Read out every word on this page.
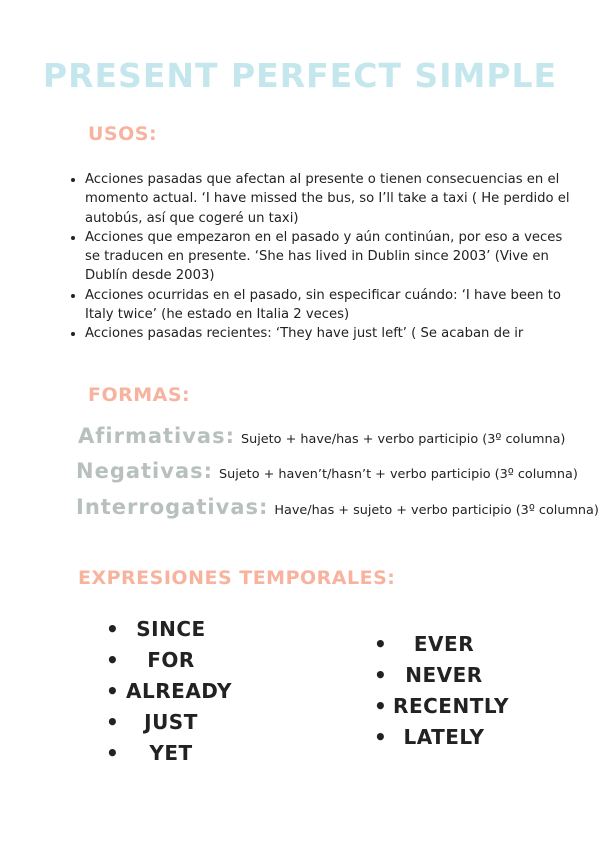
PRESENT PERFECT SIMPLE
USOS:
• Acciones pasadas que afectan al presente o tienen consecuencias en el momento actual. ‘I have missed the bus, so I’ll take a taxi ( He perdido el autobús, así que cogeré un taxi)
• Acciones que empezaron en el pasado y aún continúan, por eso a veces se traducen en presente. ‘She has lived in Dublin since 2003’ (Vive en Dublín desde 2003)
• Acciones ocurridas en el pasado, sin especificar cuándo: ‘I have been to Italy twice’ (he estado en Italia 2 veces)
• Acciones pasadas recientes: ‘They have just left’ ( Se acaban de ir
FORMAS:
Afirmativas: Sujeto + have/has + verbo participio (3º columna)
Negativas: Sujeto + haven’t/hasn’t + verbo participio (3º columna)
Interrogativas: Have/has + sujeto + verbo participio (3º columna)
EXPRESIONES TEMPORALES:
• SINCE
• FOR
• ALREADY
• JUST
• YET
• EVER
• NEVER
• RECENTLY
• LATELY
